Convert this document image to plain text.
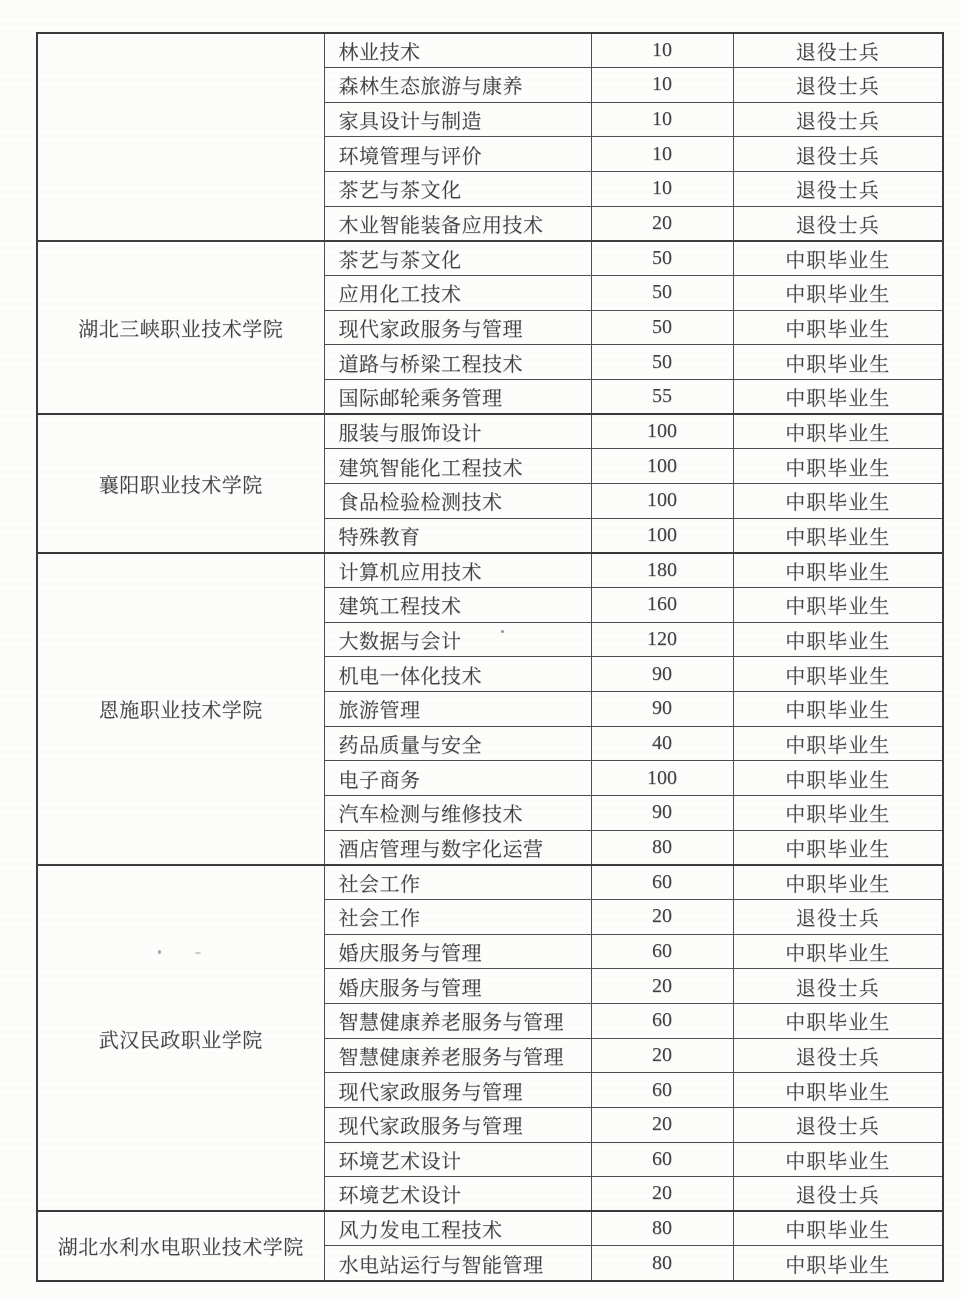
	林业技术	10	退役士兵
	森林生态旅游与康养	10	退役士兵
	家具设计与制造	10	退役士兵
	环境管理与评价	10	退役士兵
	茶艺与茶文化	10	退役士兵
	木业智能装备应用技术	20	退役士兵
湖北三峡职业技术学院	茶艺与茶文化	50	中职毕业生
	应用化工技术	50	中职毕业生
	现代家政服务与管理	50	中职毕业生
	道路与桥梁工程技术	50	中职毕业生
	国际邮轮乘务管理	55	中职毕业生
襄阳职业技术学院	服装与服饰设计	100	中职毕业生
	建筑智能化工程技术	100	中职毕业生
	食品检验检测技术	100	中职毕业生
	特殊教育	100	中职毕业生
恩施职业技术学院	计算机应用技术	180	中职毕业生
	建筑工程技术	160	中职毕业生
	大数据与会计	120	中职毕业生
	机电一体化技术	90	中职毕业生
	旅游管理	90	中职毕业生
	药品质量与安全	40	中职毕业生
	电子商务	100	中职毕业生
	汽车检测与维修技术	90	中职毕业生
	酒店管理与数字化运营	80	中职毕业生
武汉民政职业学院	社会工作	60	中职毕业生
	社会工作	20	退役士兵
	婚庆服务与管理	60	中职毕业生
	婚庆服务与管理	20	退役士兵
	智慧健康养老服务与管理	60	中职毕业生
	智慧健康养老服务与管理	20	退役士兵
	现代家政服务与管理	60	中职毕业生
	现代家政服务与管理	20	退役士兵
	环境艺术设计	60	中职毕业生
	环境艺术设计	20	退役士兵
湖北水利水电职业技术学院	风力发电工程技术	80	中职毕业生
	水电站运行与智能管理	80	中职毕业生
